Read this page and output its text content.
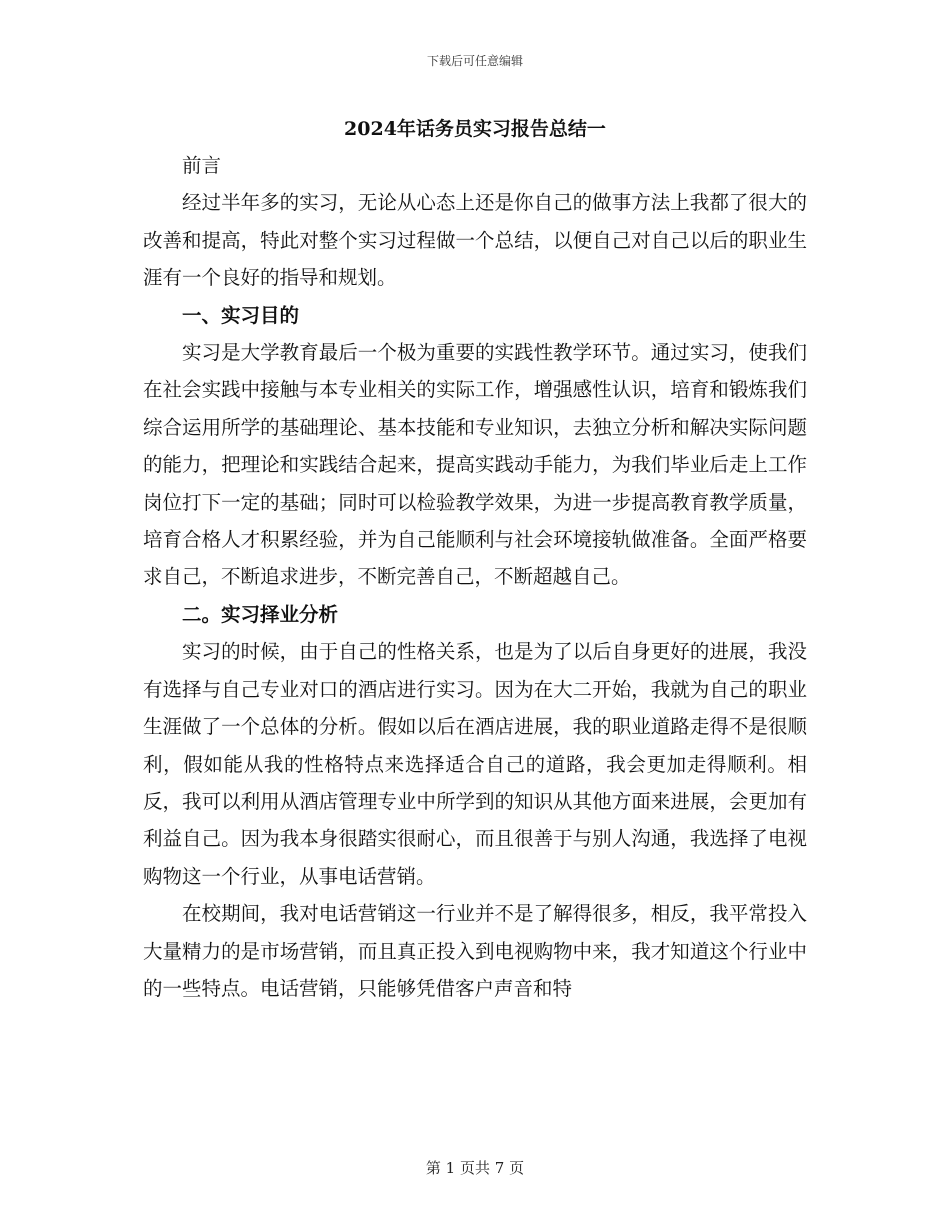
下载后可任意编辑
2024年话务员实习报告总结一

前言

经过半年多的实习，无论从心态上还是你自己的做事方法上我都了很大的改善和提高，特此对整个实习过程做一个总结，以便自己对自己以后的职业生涯有一个良好的指导和规划。

一、实习目的

实习是大学教育最后一个极为重要的实践性教学环节。通过实习，使我们在社会实践中接触与本专业相关的实际工作，增强感性认识，培育和锻炼我们综合运用所学的基础理论、基本技能和专业知识，去独立分析和解决实际问题的能力，把理论和实践结合起来，提高实践动手能力，为我们毕业后走上工作岗位打下一定的基础；同时可以检验教学效果，为进一步提高教育教学质量，培育合格人才积累经验，并为自己能顺利与社会环境接轨做准备。全面严格要求自己，不断追求进步，不断完善自己，不断超越自己。

二。实习择业分析

实习的时候，由于自己的性格关系，也是为了以后自身更好的进展，我没有选择与自己专业对口的酒店进行实习。因为在大二开始，我就为自己的职业生涯做了一个总体的分析。假如以后在酒店进展，我的职业道路走得不是很顺利，假如能从我的性格特点来选择适合自己的道路，我会更加走得顺利。相反，我可以利用从酒店管理专业中所学到的知识从其他方面来进展，会更加有利益自己。因为我本身很踏实很耐心，而且很善于与别人沟通，我选择了电视购物这一个行业，从事电话营销。

在校期间，我对电话营销这一行业并不是了解得很多，相反，我平常投入大量精力的是市场营销，而且真正投入到电视购物中来，我才知道这个行业中的一些特点。电话营销，只能够凭借客户声音和特

第 1 页共 7 页
